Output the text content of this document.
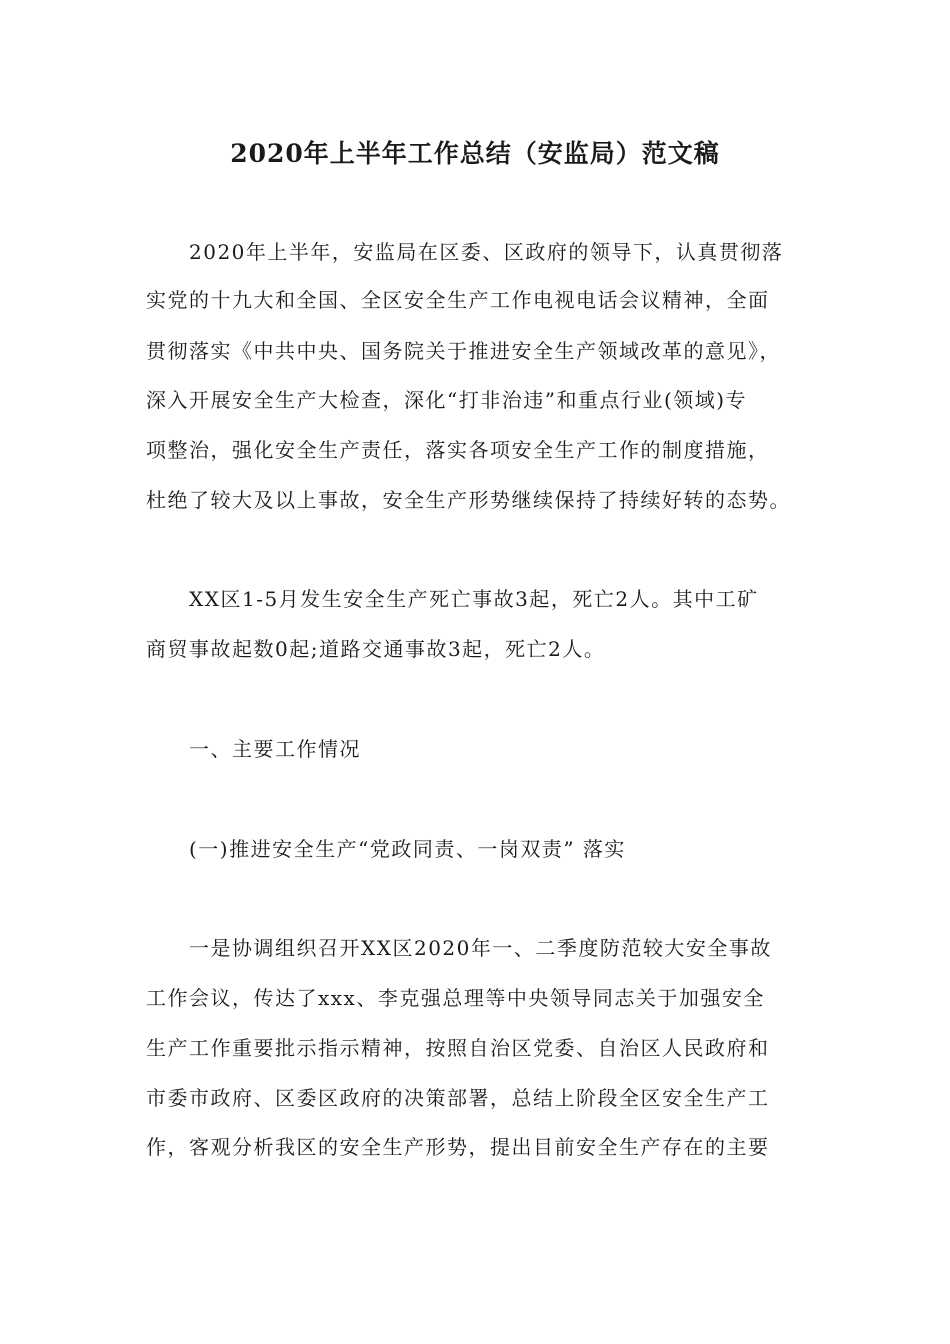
2020年上半年工作总结（安监局）范文稿
2020年上半年，安监局在区委、区政府的领导下，认真贯彻落
实党的十九大和全国、全区安全生产工作电视电话会议精神，全面
贯彻落实《中共中央、国务院关于推进安全生产领域改革的意见》，
深入开展安全生产大检查，深化“打非治违”和重点行业(领域)专
项整治，强化安全生产责任，落实各项安全生产工作的制度措施，
杜绝了较大及以上事故，安全生产形势继续保持了持续好转的态势。
XX区1-5月发生安全生产死亡事故3起，死亡2人。其中工矿
商贸事故起数0起;道路交通事故3起，死亡2人。
一、主要工作情况
(一)推进安全生产“党政同责、一岗双责” 落实
一是协调组织召开XX区2020年一、二季度防范较大安全事故
工作会议，传达了xxx、李克强总理等中央领导同志关于加强安全
生产工作重要批示指示精神，按照自治区党委、自治区人民政府和
市委市政府、区委区政府的决策部署，总结上阶段全区安全生产工
作，客观分析我区的安全生产形势，提出目前安全生产存在的主要
